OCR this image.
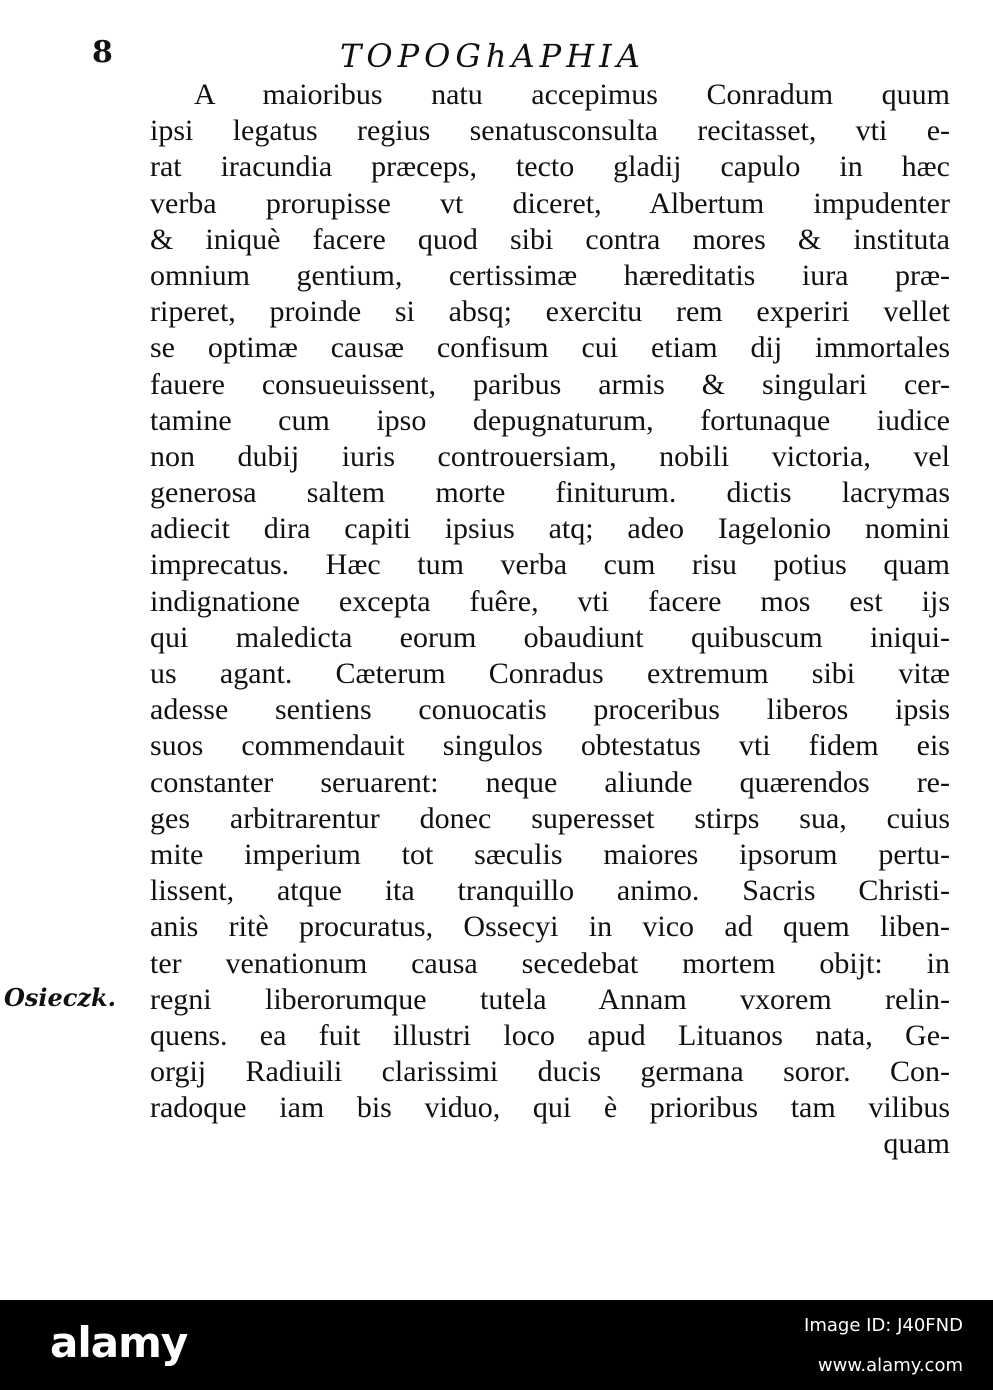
8	TOPOGhAPHIA
Osieczk.
A maioribus natu accepimus Conradum quum
ipsi legatus regius senatusconsulta recitasset, vti e-
rat iracundia præceps, tecto gladij capulo in hæc
verba prorupisse vt diceret, Albertum impudenter
& iniquè facere quod sibi contra mores & instituta
omnium gentium, certissimæ hæreditatis iura præ-
riperet, proinde si absq; exercitu rem experiri vellet
se optimæ causæ confisum cui etiam dij immortales
fauere consueuissent, paribus armis & singulari cer-
tamine cum ipso depugnaturum, fortunaque iudice
non dubij iuris controuersiam, nobili victoria, vel
generosa saltem morte finiturum. dictis lacrymas
adiecit dira capiti ipsius atq; adeo Iagelonio nomini
imprecatus. Hæc tum verba cum risu potius quam
indignatione excepta fuêre, vti facere mos est ijs
qui maledicta eorum obaudiunt quibuscum iniqui-
us agant. Cæterum Conradus extremum sibi vitæ
adesse sentiens conuocatis proceribus liberos ipsis
suos commendauit singulos obtestatus vti fidem eis
constanter seruarent: neque aliunde quærendos re-
ges arbitrarentur donec superesset stirps sua, cuius
mite imperium tot sæculis maiores ipsorum pertu-
lissent, atque ita tranquillo animo. Sacris Christi-
anis ritè procuratus, Ossecyi in vico ad quem liben-
ter venationum causa secedebat mortem obijt: in
regni liberorumque tutela Annam vxorem relin-
quens. ea fuit illustri loco apud Lituanos nata, Ge-
orgij Radiuili clarissimi ducis germana soror. Con-
radoque iam bis viduo, qui è prioribus tam vilibus
quam
alamy	Image ID: J40FND
www.alamy.com
